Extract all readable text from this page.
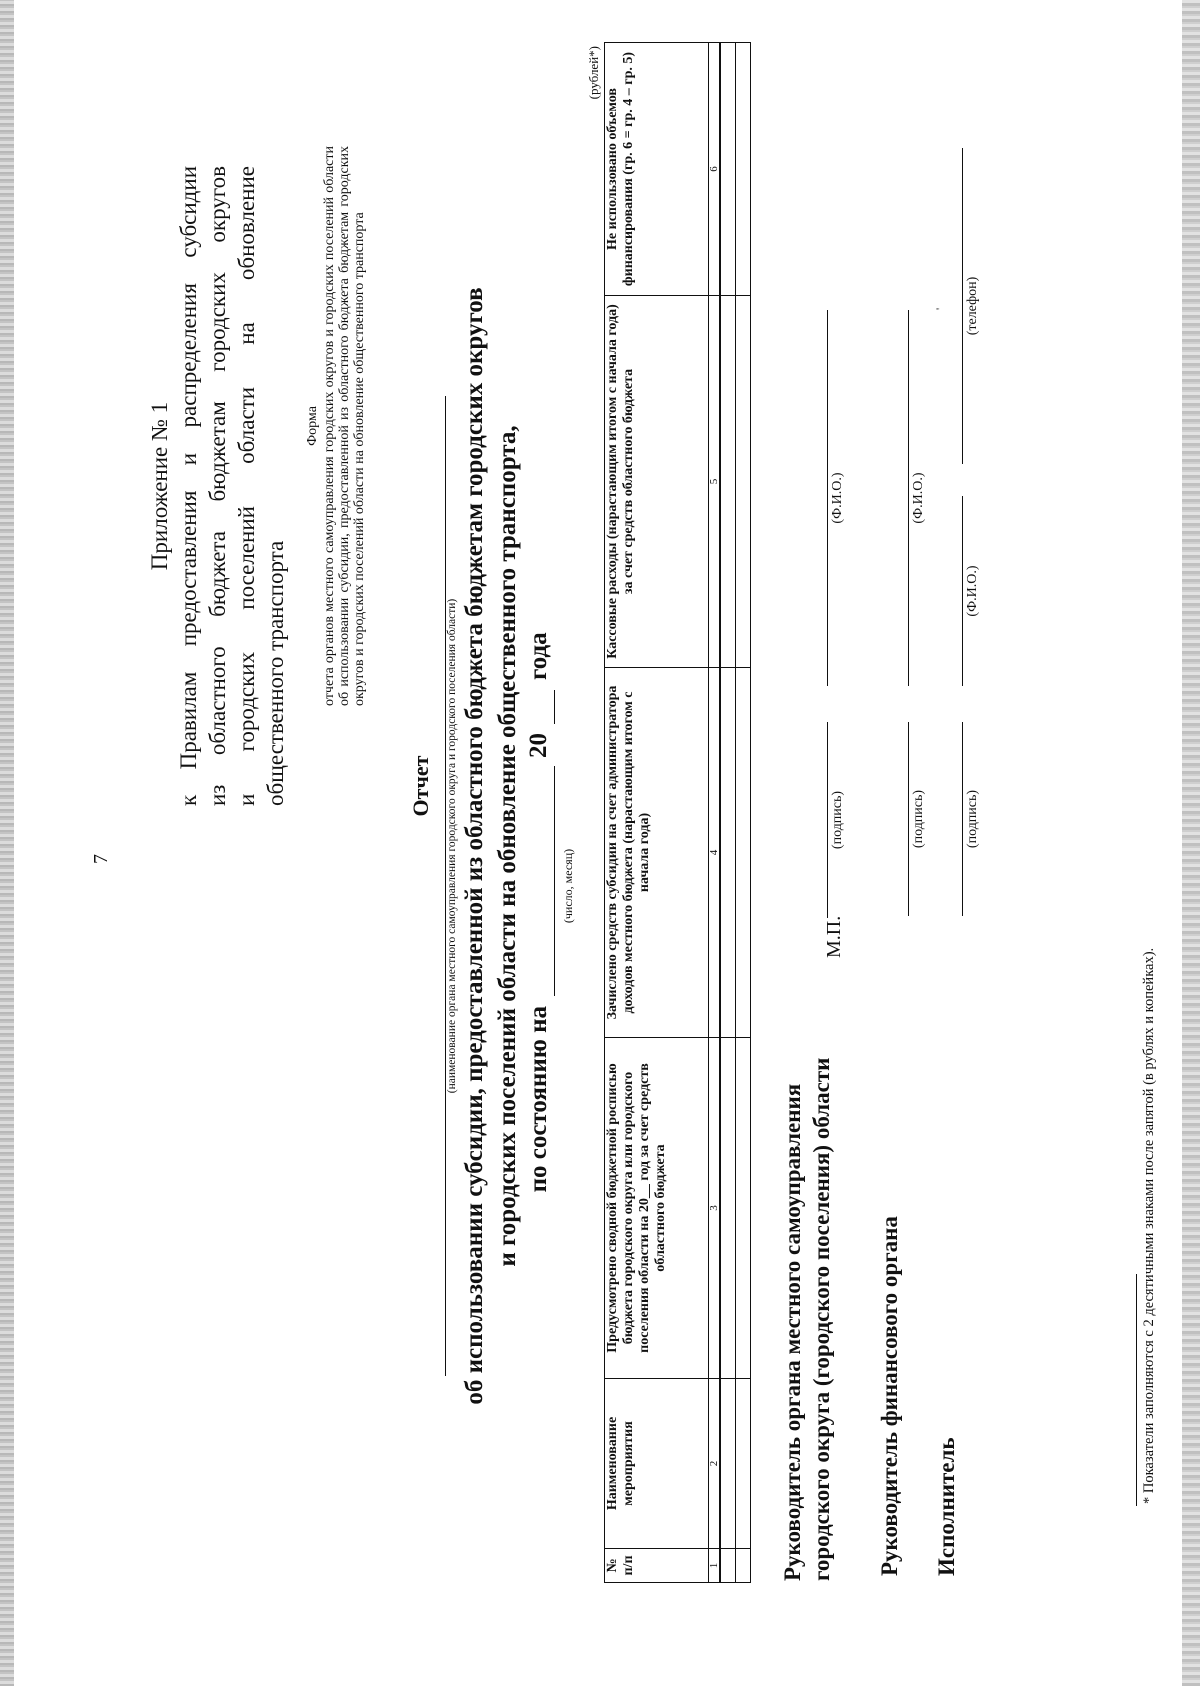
7
Приложение № 1 к Правилам предоставления и распределения субсидии из областного бюджета бюджетам городских округов и городских поселений области на обновление общественного транспорта
Форма отчета органов местного самоуправления городских округов и городских поселений области об использовании субсидии, предоставленной из областного бюджета бюджетам городских округов и городских поселений области на обновление общественного транспорта
Отчет (наименование органа местного самоуправления городского округа и городского поселения области) об использовании субсидии, предоставленной из областного бюджета бюджетам городских округов и городских поселений области на обновление общественного транспорта, по состоянию на
20
года
(число, месяц)
(рублей*)
№ п/п	Наименование мероприятия	Предусмотрено сводной бюджетной росписью бюджета городского округа или городского поселения области на 20__ год за счет средств областного бюджета	Зачислено средств субсидии на счет администратора доходов местного бюджета (нарастающим итогом с начала года)	Кассовые расходы (нарастающим итогом с начала года) за счет средств областного бюджета	Не использовано объемов финансирования (гр. 6 = гр. 4 – гр. 5)
1	2	3	4	5	6

Руководитель органа местного самоуправления городского округа (городского поселения) области
М.П.
(подпись)
(Ф.И.О.)
Руководитель финансового органа
(подпись)
(Ф.И.О.)
'
Исполнитель
(подпись)
(Ф.И.О.)
(телефон)
* Показатели заполняются с 2 десятичными знаками после запятой (в рублях и копейках).
